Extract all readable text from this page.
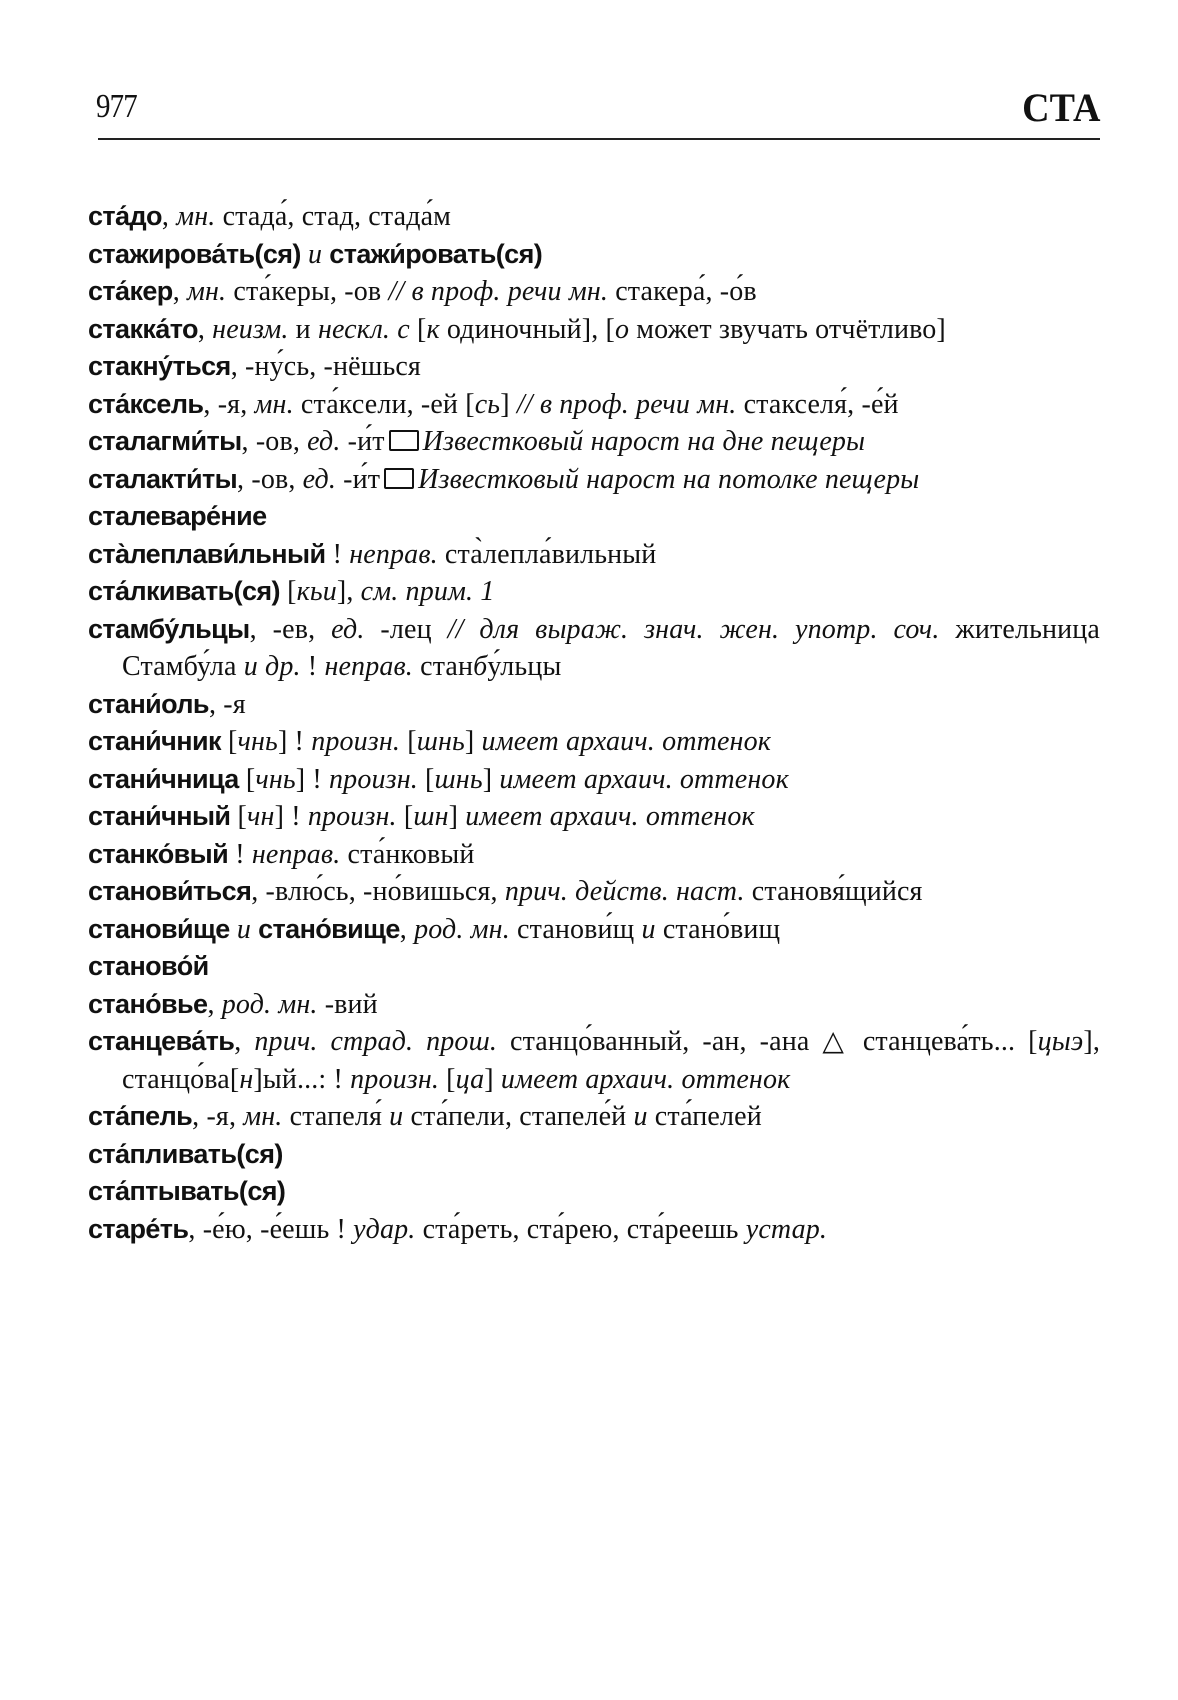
977	СТА
ста́до, мн. стада́, стад, стада́м
стажирова́ть(ся) и стажи́ровать(ся)
ста́кер, мн. ста́керы, -ов // в проф. речи мн. стакера́, -о́в
стакка́то, неизм. и нескл. с [к одиночный], [о может звучать отчётливо]
стакну́ться, -ну́сь, -нёшься
ста́ксель, -я, мн. ста́ксели, -ей [сь] // в проф. речи мн. стакселя́, -е́й
сталагми́ты, -ов, ед. -и́т Известковый нарост на дне пещеры
сталакти́ты, -ов, ед. -и́т Известковый нарост на потолке пещеры
сталеваре́ние
ста̀леплави́льный ! неправ. ста̀лепла́вильный
ста́лкивать(ся) [кьи], см. прим. 1
стамбу́льцы, -ев, ед. -лец // для выраж. знач. жен. употр. соч. жительница Стамбу́ла и др. ! неправ. станбу́льцы
стани́оль, -я
стани́чник [чнь] ! произн. [шнь] имеет архаич. оттенок
стани́чница [чнь] ! произн. [шнь] имеет архаич. оттенок
стани́чный [чн] ! произн. [шн] имеет архаич. оттенок
станко́вый ! неправ. ста́нковый
станови́ться, -влю́сь, -но́вишься, прич. действ. наст. становя́щийся
станови́ще и стано́вище, род. мн. станови́щ и стано́вищ
станово́й
стано́вье, род. мн. -вий
станцева́ть, прич. страд. прош. станцо́ванный, -ан, -ана △ станцева́ть... [цыэ], станцо́ва[н]ый...: ! произн. [ца] имеет архаич. оттенок
ста́пель, -я, мн. стапеля́ и ста́пели, стапеле́й и ста́пелей
ста́пливать(ся)
ста́птывать(ся)
старе́ть, -е́ю, -е́ешь ! удар. ста́реть, ста́рею, ста́реешь устар.
